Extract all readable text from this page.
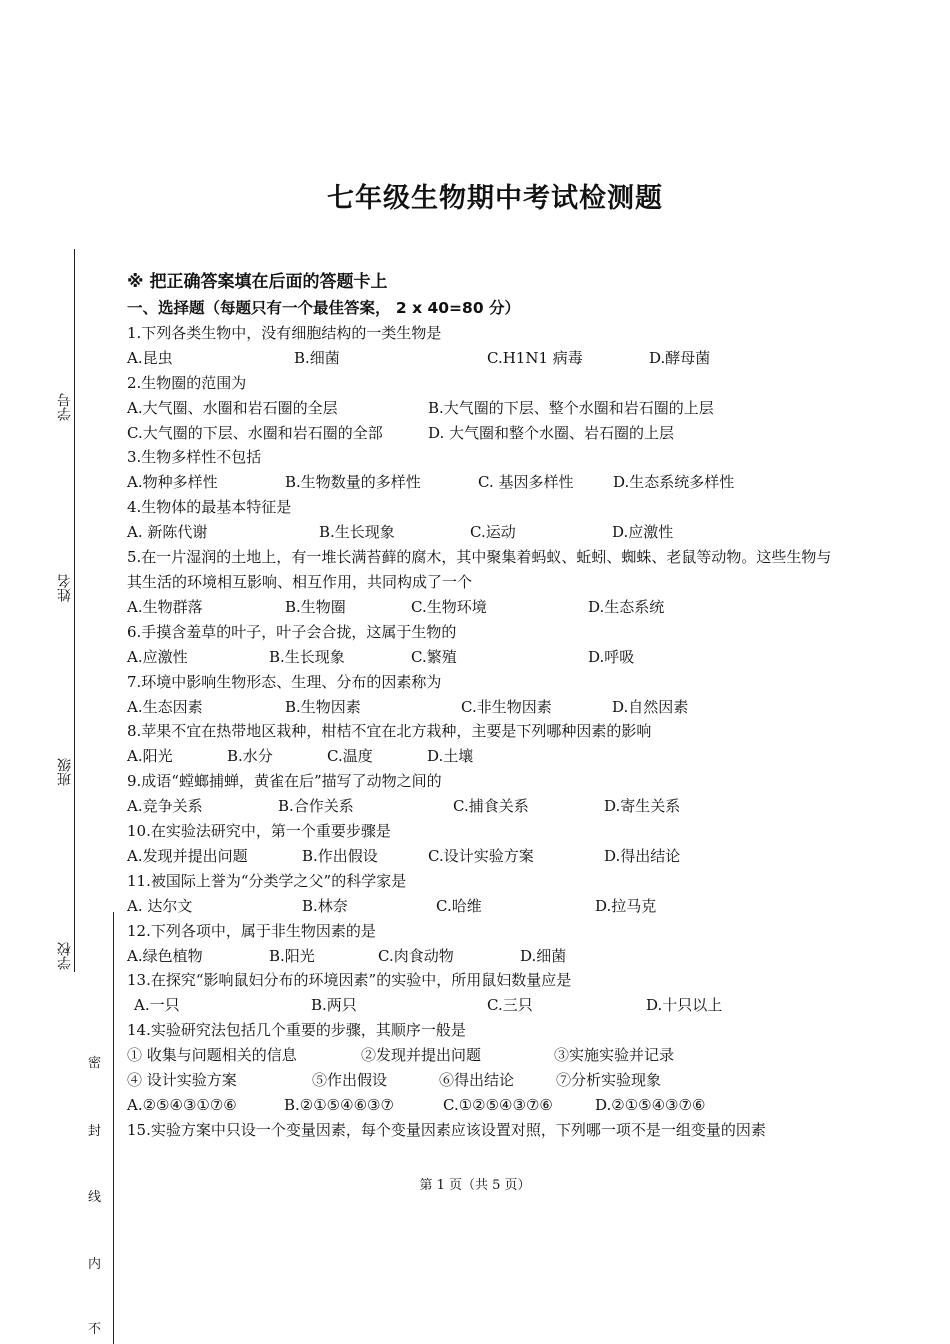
七年级生物期中考试检测题
学号
姓名
班级
学校
密
封
线
内
不
※ 把正确答案填在后面的答题卡上
一、选择题（每题只有一个最佳答案， 2 x 40=80 分）
1.下列各类生物中，没有细胞结构的一类生物是
A.昆虫	B.细菌	C.H1N1 病毒	D.酵母菌
2.生物圈的范围为
A.大气圈、水圈和岩石圈的全层	B.大气圈的下层、整个水圈和岩石圈的上层
C.大气圈的下层、水圈和岩石圈的全部	D. 大气圈和整个水圈、岩石圈的上层
3.生物多样性不包括
A.物种多样性	B.生物数量的多样性	C. 基因多样性	D.生态系统多样性
4.生物体的最基本特征是
A. 新陈代谢	B.生长现象	C.运动	D.应激性
5.在一片湿润的土地上，有一堆长满苔藓的腐木，其中聚集着蚂蚁、蚯蚓、蜘蛛、老鼠等动物。这些生物与其生活的环境相互影响、相互作用，共同构成了一个
A.生物群落	B.生物圈	C.生物环境	D.生态系统
6.手摸含羞草的叶子，叶子会合拢，这属于生物的
A.应激性	B.生长现象	C.繁殖	D.呼吸
7.环境中影响生物形态、生理、分布的因素称为
A.生态因素	B.生物因素	C.非生物因素	D.自然因素
8.苹果不宜在热带地区栽种，柑桔不宜在北方栽种，主要是下列哪种因素的影响
A.阳光	B.水分	C.温度	D.土壤
9.成语“螳螂捕蝉，黄雀在后”描写了动物之间的
A.竞争关系	B.合作关系	C.捕食关系	D.寄生关系
10.在实验法研究中，第一个重要步骤是
A.发现并提出问题	B.作出假设	C.设计实验方案	D.得出结论
11.被国际上誉为“分类学之父”的科学家是
A. 达尔文	B.林奈	C.哈维	D.拉马克
12.下列各项中，属于非生物因素的是
A.绿色植物	B.阳光	C.肉食动物	D.细菌
13.在探究“影响鼠妇分布的环境因素”的实验中，所用鼠妇数量应是
A.一只	B.两只	C.三只	D.十只以上
14.实验研究法包括几个重要的步骤，其顺序一般是
① 收集与问题相关的信息	②发现并提出问题	③实施实验并记录
④ 设计实验方案	⑤作出假设	⑥得出结论	⑦分析实验现象
A.②⑤④③①⑦⑥	B.②①⑤④⑥③⑦	C.①②⑤④③⑦⑥	D.②①⑤④③⑦⑥
15.实验方案中只设一个变量因素，每个变量因素应该设置对照，下列哪一项不是一组变量的因素
第 1 页（共 5 页）
